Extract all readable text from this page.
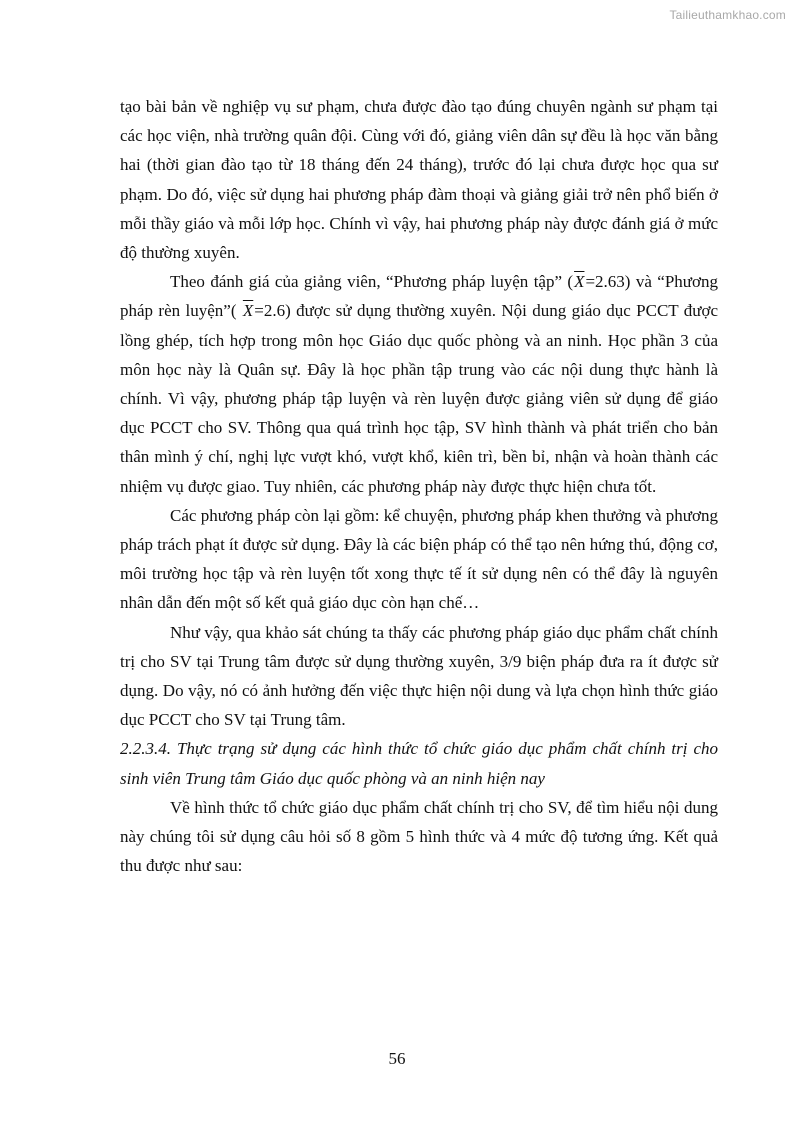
Tailieuthamkhao.com

tạo bài bản về nghiệp vụ sư phạm, chưa được đào tạo đúng chuyên ngành sư phạm tại các học viện, nhà trường quân đội. Cùng với đó, giảng viên dân sự đều là học văn bằng hai (thời gian đào tạo từ 18 tháng đến 24 tháng), trước đó lại chưa được học qua sư phạm. Do đó, việc sử dụng hai phương pháp đàm thoại và giảng giải trở nên phổ biến ở mỗi thầy giáo và mỗi lớp học. Chính vì vậy, hai phương pháp này được đánh giá ở mức độ thường xuyên.

Theo đánh giá của giảng viên, “Phương pháp luyện tập” $(\overline{X}=2.63)$ và “Phương pháp rèn luyện”( $\overline{X}=2.6$) được sử dụng thường xuyên. Nội dung giáo dục PCCT được lồng ghép, tích hợp trong môn học Giáo dục quốc phòng và an ninh. Học phần 3 của môn học này là Quân sự. Đây là học phần tập trung vào các nội dung thực hành là chính. Vì vậy, phương pháp tập luyện và rèn luyện được giảng viên sử dụng để giáo dục PCCT cho SV. Thông qua quá trình học tập, SV hình thành và phát triển cho bản thân mình ý chí, nghị lực vượt khó, vượt khổ, kiên trì, bền bỉ, nhận và hoàn thành các nhiệm vụ được giao. Tuy nhiên, các phương pháp này được thực hiện chưa tốt.

Các phương pháp còn lại gồm: kể chuyện, phương pháp khen thưởng và phương pháp trách phạt ít được sử dụng. Đây là các biện pháp có thể tạo nên hứng thú, động cơ, môi trường học tập và rèn luyện tốt xong thực tế ít sử dụng nên có thể đây là nguyên nhân dẫn đến một số kết quả giáo dục còn hạn chế…

Như vậy, qua khảo sát chúng ta thấy các phương pháp giáo dục phẩm chất chính trị cho SV tại Trung tâm được sử dụng thường xuyên, 3/9 biện pháp đưa ra ít được sử dụng. Do vậy, nó có ảnh hưởng đến việc thực hiện nội dung và lựa chọn hình thức giáo dục PCCT cho SV tại Trung tâm.

2.2.3.4. Thực trạng sử dụng các hình thức tổ chức giáo dục phẩm chất chính trị cho sinh viên Trung tâm Giáo dục quốc phòng và an ninh hiện nay

Về hình thức tổ chức giáo dục phẩm chất chính trị cho SV, để tìm hiểu nội dung này chúng tôi sử dụng câu hỏi số 8 gồm 5 hình thức và 4 mức độ tương ứng. Kết quả thu được như sau:

56
